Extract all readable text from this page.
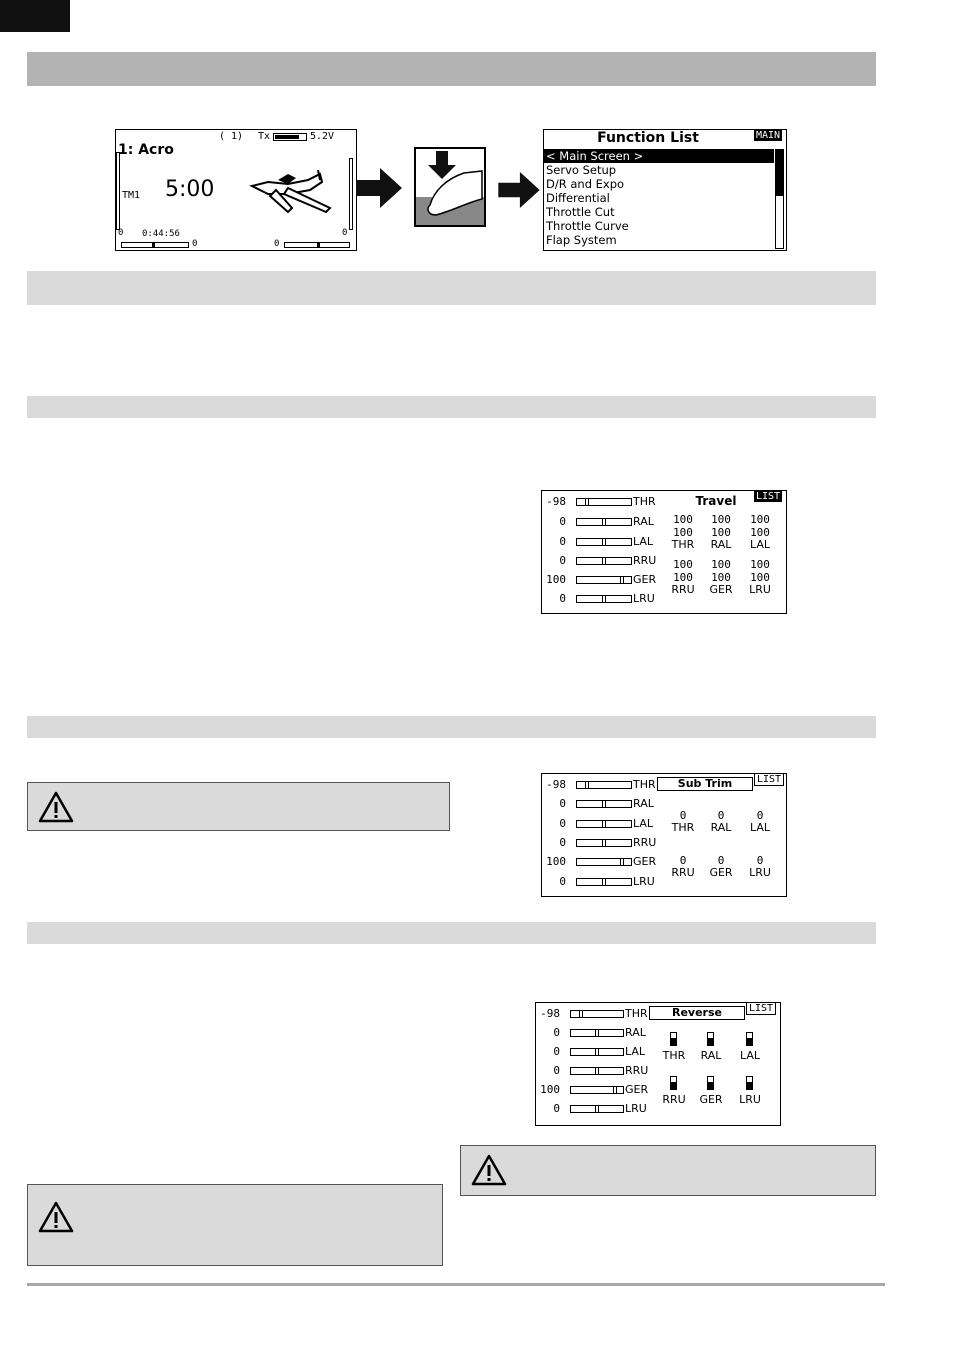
1: Acro
( 1) Tx	5.2V
TM1 5:00
0 0:44:56	0
0	0
Function List	MAIN
< Main Screen >
Servo Setup
D/R and Expo
Differential
Throttle Cut
Throttle Curve
Flap System
LIST
Travel
-98	THR
0	RAL
0	LAL
0	RRU
100	GER
0	LRU
100	100	100
100	100	100
THR	RAL	LAL
100	100	100
100	100	100
RRU	GER	LRU
LIST
Sub Trim
-98	THR
0	RAL
0	LAL
0	RRU
100	GER
0	LRU
0	0	0
THR	RAL	LAL
0	0	0
RRU	GER	LRU
LIST
Reverse
-98	THR
0	RAL
0	LAL
0	RRU
100	GER
0	LRU
THR	RAL	LAL
RRU	GER	LRU
